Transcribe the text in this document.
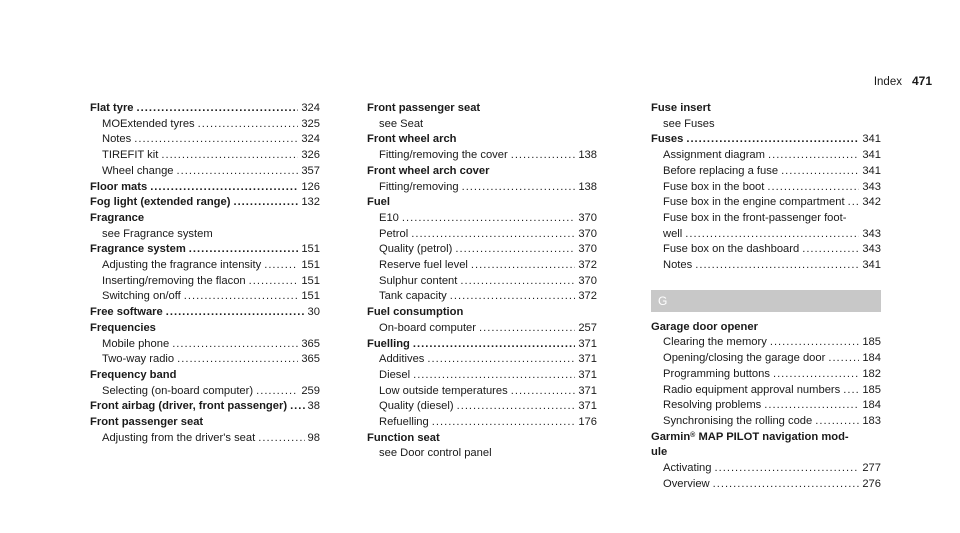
Index 471
Flat tyre .....	324
MOExtended tyres .....	325
Notes .....	324
TIREFIT kit .....	326
Wheel change .....	357
Floor mats .....	126
Fog light (extended range) .....	132
Fragrance
see Fragrance system
Fragrance system .....	151
Adjusting the fragrance intensity .....	151
Inserting/removing the flacon .....	151
Switching on/off .....	151
Free software .....	30
Frequencies
Mobile phone .....	365
Two-way radio .....	365
Frequency band
Selecting (on-board computer) .....	259
Front airbag (driver, front passenger) ..... 38
Front passenger seat
Adjusting from the driver's seat .....	98
Front passenger seat
see Seat
Front wheel arch
Fitting/removing the cover .....	138
Front wheel arch cover
Fitting/removing .....	138
Fuel
E10 .....	370
Petrol .....	370
Quality (petrol) .....	370
Reserve fuel level .....	372
Sulphur content .....	370
Tank capacity .....	372
Fuel consumption
On-board computer .....	257
Fuelling .....	371
Additives .....	371
Diesel .....	371
Low outside temperatures .....	371
Quality (diesel) .....	371
Refuelling .....	176
Function seat
see Door control panel
Fuse insert
see Fuses
Fuses .....	341
Assignment diagram .....	341
Before replacing a fuse .....	341
Fuse box in the boot .....	343
Fuse box in the engine compartment ..... 342
Fuse box in the front-passenger foot-
well .....	343
Fuse box on the dashboard .....	343
Notes .....	341
G
Garage door opener
Clearing the memory .....	185
Opening/closing the garage door .....	184
Programming buttons .....	182
Radio equipment approval numbers ..... 185
Resolving problems .....	184
Synchronising the rolling code .....	183
Garmin® MAP PILOT navigation mod-
ule
Activating .....	277
Overview .....	276
